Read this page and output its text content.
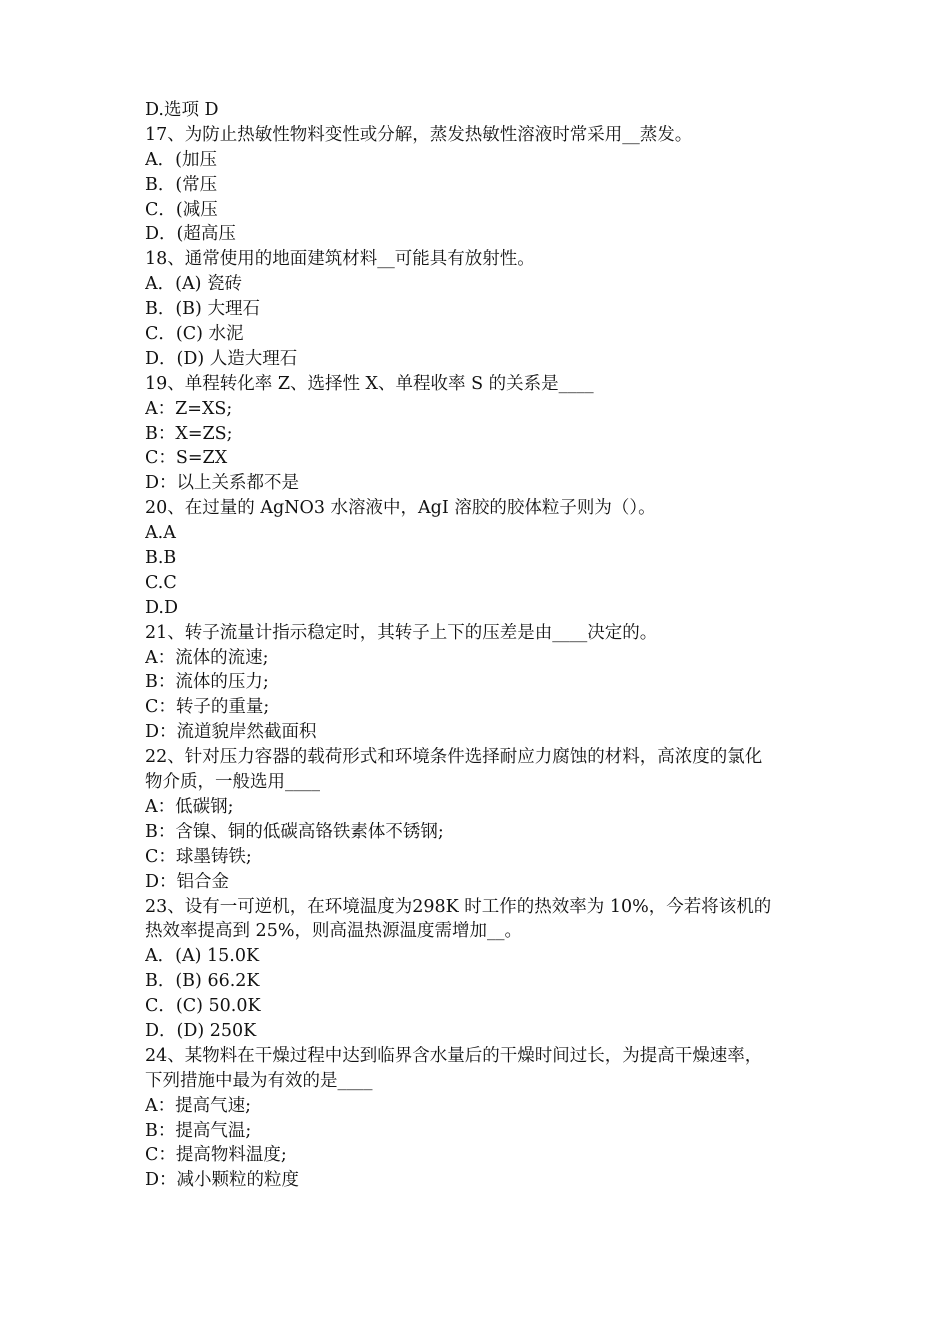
D.选项 D
17、为防止热敏性物料变性或分解，蒸发热敏性溶液时常采用__蒸发。
A．(加压
B．(常压
C．(减压
D．(超高压
18、通常使用的地面建筑材料__可能具有放射性。
A．(A) 瓷砖
B．(B) 大理石
C．(C) 水泥
D．(D) 人造大理石
19、单程转化率 Z、选择性 X、单程收率 S 的关系是____
A：Z=XS;
B：X=ZS;
C：S=ZX
D：以上关系都不是
20、在过量的 AgNO3 水溶液中，AgI 溶胶的胶体粒子则为（）。
A.A
B.B
C.C
D.D
21、转子流量计指示稳定时，其转子上下的压差是由____决定的。
A：流体的流速;
B：流体的压力;
C：转子的重量;
D：流道貌岸然截面积
22、针对压力容器的载荷形式和环境条件选择耐应力腐蚀的材料，高浓度的氯化
物介质，一般选用____
A：低碳钢;
B：含镍、铜的低碳高铬铁素体不锈钢;
C：球墨铸铁;
D：铝合金
23、设有一可逆机，在环境温度为298K 时工作的热效率为 10%，今若将该机的
热效率提高到 25%，则高温热源温度需增加__。
A．(A) 15.0K
B．(B) 66.2K
C．(C) 50.0K
D．(D) 250K
24、某物料在干燥过程中达到临界含水量后的干燥时间过长，为提高干燥速率，
下列措施中最为有效的是____
A：提高气速;
B：提高气温;
C：提高物料温度;
D：减小颗粒的粒度
